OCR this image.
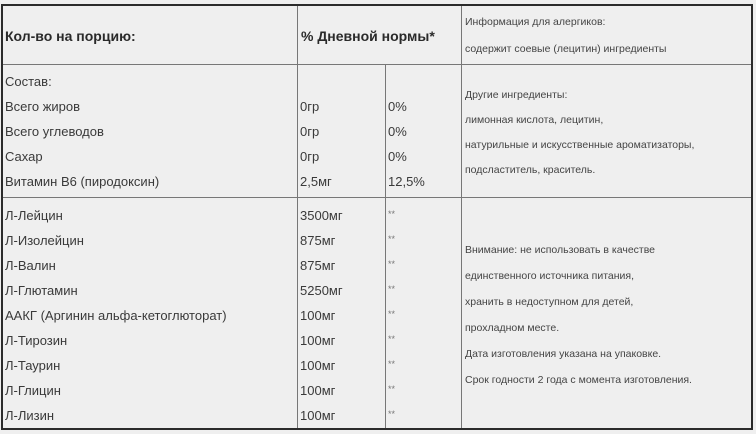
Кол-во на порцию:	% Дневной нормы*
Информация для алергиков:
содержит соевые (лецитин) ингредиенты
Состав:
Всего жиров	0гр	0%
Всего углеводов	0гр	0%
Сахар	0гр	0%
Витамин В6 (пиродоксин)	2,5мг	12,5%
Другие ингредиенты:
лимонная кислота, лецитин,
натурильные и искусственные ароматизаторы,
подсластитель, краситель.
Л-Лейцин	3500мг	**
Л-Изолейцин	875мг	**
Л-Валин	875мг	**
Л-Глютамин	5250мг	**
ААКГ (Аргинин альфа-кетоглюторат)	100мг	**
Л-Тирозин	100мг	**
Л-Таурин	100мг	**
Л-Глицин	100мг	**
Л-Лизин	100мг	**
Внимание: не использовать в качестве
единственного источника питания,
хранить в недоступном для детей,
прохладном месте.
Дата изготовления указана на упаковке.
Срок годности 2 года с момента изготовления.
